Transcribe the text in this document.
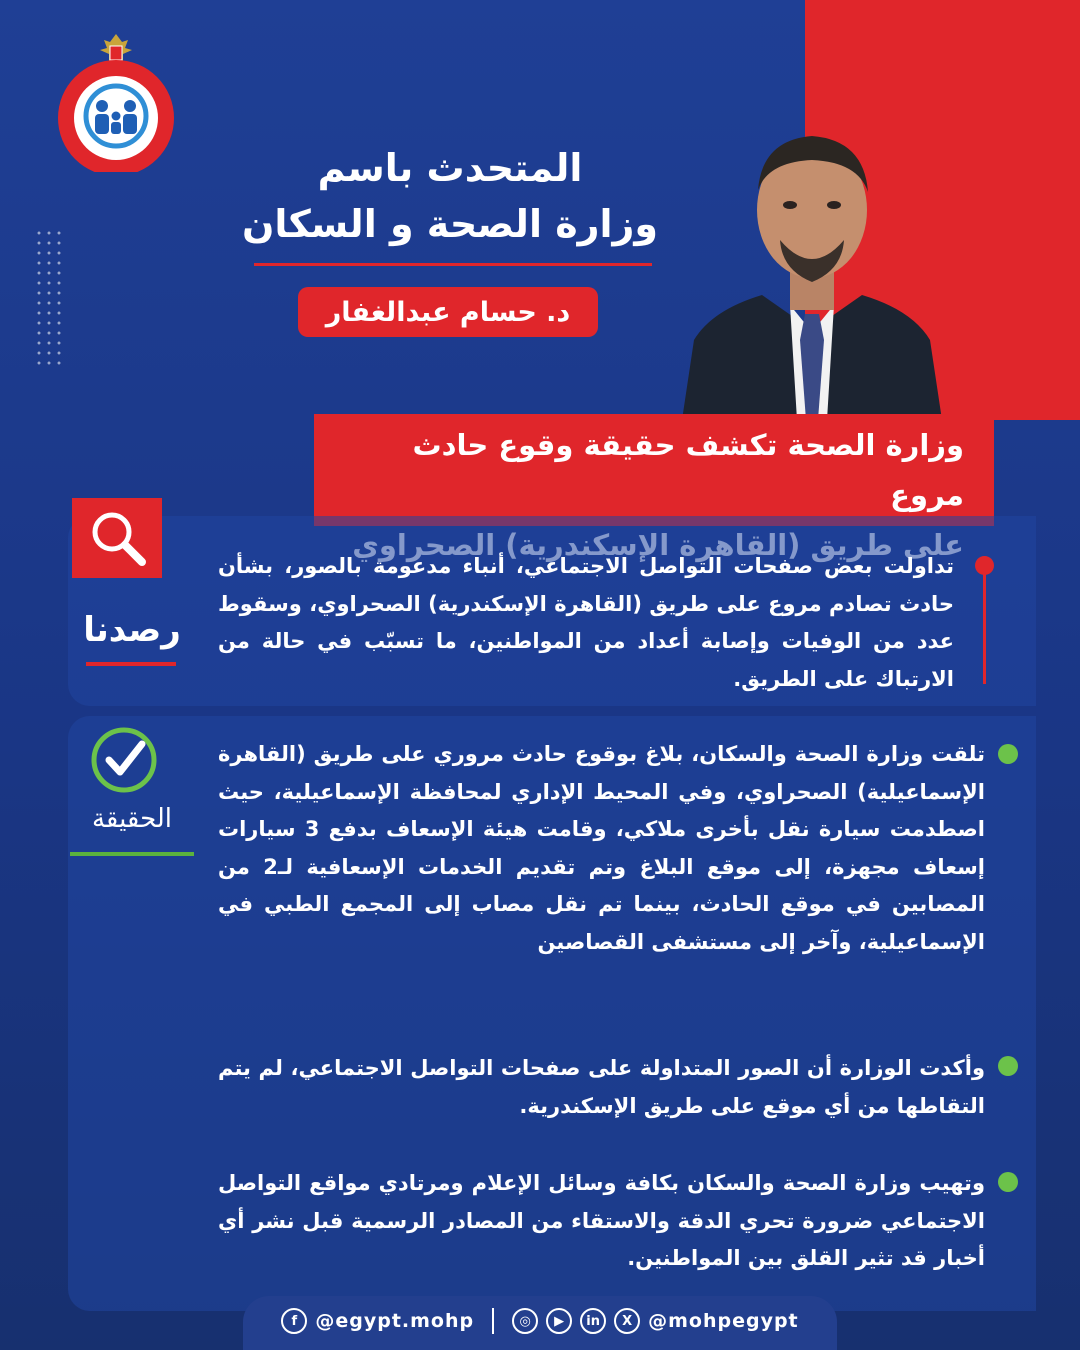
المتحدث باسم
وزارة الصحة و السكان
د. حسام عبدالغفار
وزارة الصحة تكشف حقيقة وقوع حادث مروع
رصدنا
تداولت بعض صفحات التواصل الاجتماعي، أنباء مدعومة بالصور، بشأن حادث تصادم مروع على طريق (القاهرة الإسكندرية) الصحراوي، وسقوط عدد من الوفيات وإصابة أعداد من المواطنين، ما تسبّب في حالة من الارتباك على الطريق.
الحقيقة
تلقت وزارة الصحة والسكان، بلاغ بوقوع حادث مروري على طريق (القاهرة الإسماعيلية) الصحراوي، وفي المحيط الإداري لمحافظة الإسماعيلية، حيث اصطدمت سيارة نقل بأخرى ملاكي، وقامت هيئة الإسعاف بدفع 3 سيارات إسعاف مجهزة، إلى موقع البلاغ وتم تقديم الخدمات الإسعافية لـ2 من المصابين في موقع الحادث، بينما تم نقل مصاب إلى المجمع الطبي في الإسماعيلية، وآخر إلى مستشفى القصاصين
وأكدت الوزارة أن الصور المتداولة على صفحات التواصل الاجتماعي، لم يتم التقاطها من أي موقع على طريق الإسكندرية.
وتهيب وزارة الصحة والسكان بكافة وسائل الإعلام ومرتادي مواقع التواصل الاجتماعي ضرورة تحري الدقة والاستقاء من المصادر الرسمية قبل نشر أي أخبار قد تثير القلق بين المواطنين.
f @egypt.mohp	◎	▶	in	X @mohpegypt
